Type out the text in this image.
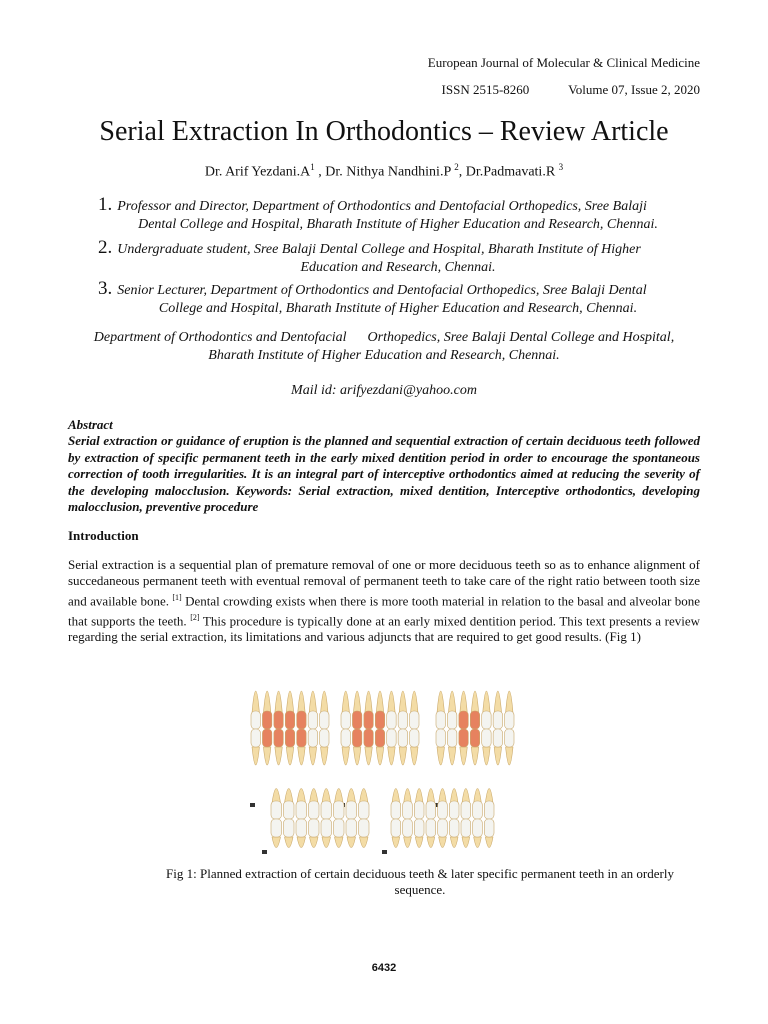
European Journal of Molecular & Clinical Medicine
ISSN 2515-8260	Volume 07, Issue 2, 2020
Serial Extraction In Orthodontics – Review Article
Dr. Arif $Yezdani.A^1$ , Dr. Nithya Nandhini.P $^2$, Dr.Padmavati.R $^3$
1. Professor and Director, Department of Orthodontics and Dentofacial Orthopedics, Sree Balaji
Dental College and Hospital, Bharath Institute of Higher Education and Research, Chennai.
2. Undergraduate student, Sree Balaji Dental College and Hospital, Bharath Institute of Higher
Education and Research, Chennai.
3. Senior Lecturer, Department of Orthodontics and Dentofacial Orthopedics, Sree Balaji Dental
College and Hospital, Bharath Institute of Higher Education and Research, Chennai.
Department of Orthodontics and Dentofacial      Orthopedics, Sree Balaji Dental College and Hospital,
Bharath Institute of Higher Education and Research, Chennai.
Mail id: arifyezdani@yahoo.com
Abstract
Serial extraction or guidance of eruption is the planned and sequential extraction of certain deciduous teeth followed by extraction of specific permanent teeth in the early mixed dentition period in order to encourage the spontaneous correction of tooth irregularities. It is an integral part of interceptive orthodontics aimed at reducing the severity of the developing malocclusion. Keywords: Serial extraction, mixed dentition, Interceptive orthodontics, developing malocclusion, preventive procedure
Introduction
Serial extraction is a sequential plan of premature removal of one or more deciduous teeth so as to enhance alignment of succedaneous permanent teeth with eventual removal of permanent teeth to take care of the right ratio between tooth size and available bone. [1] Dental crowding exists when there is more tooth material in relation to the basal and alveolar bone that supports the teeth. [2] This procedure is typically done at an early mixed dentition period. This text presents a review regarding the serial extraction, its limitations and various adjuncts that are required to get good results. (Fig 1)
Fig 1: Planned extraction of certain deciduous teeth & later specific permanent teeth in an orderly sequence.
6432
